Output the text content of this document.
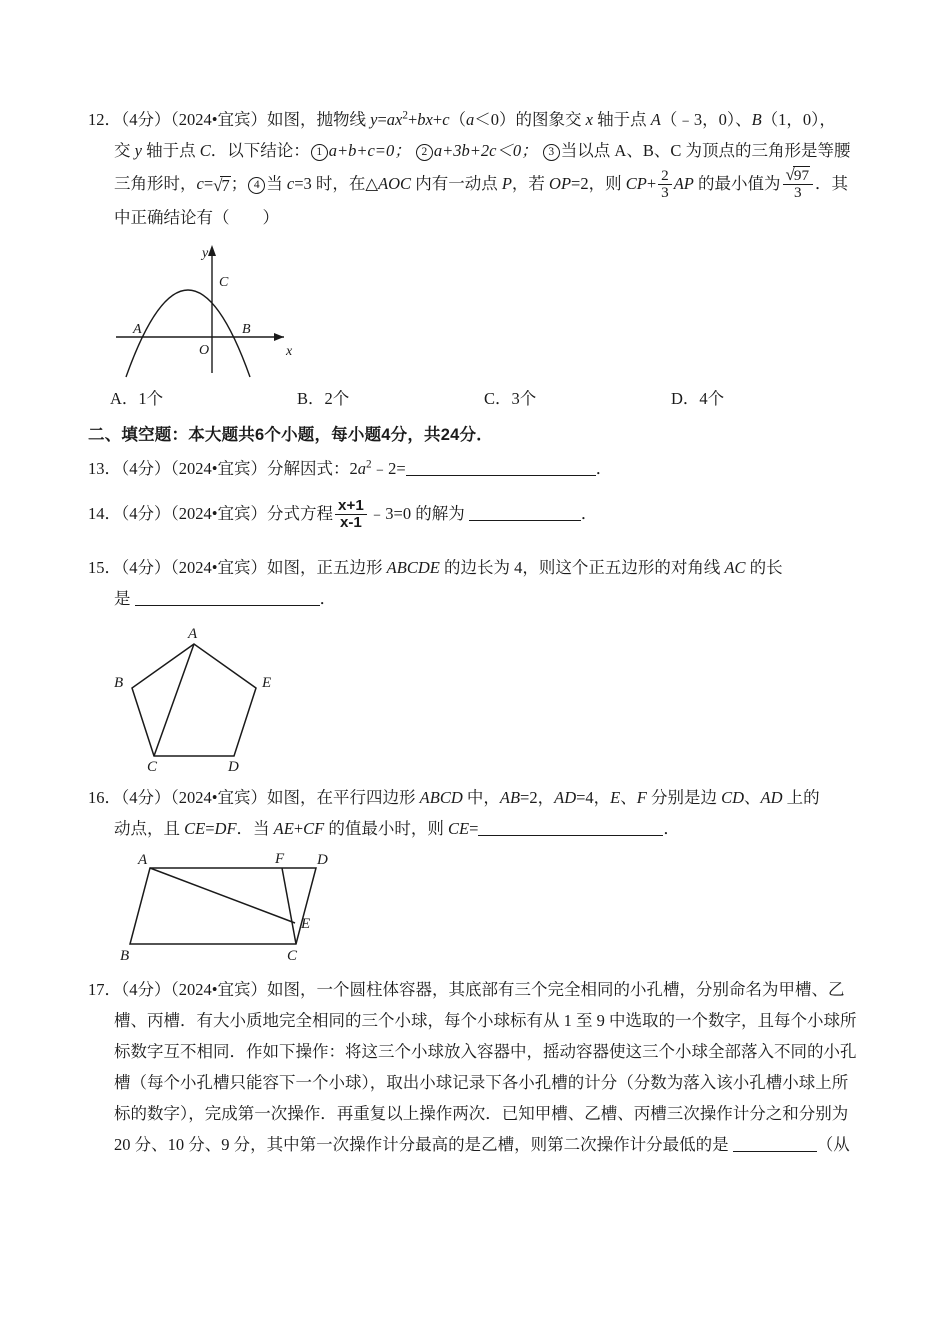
12．（4分）（2024•宜宾）如图，抛物线 $y=ax^2+bx+c(a<0)$的图象交 x 轴于点 A（﹣3，0）、B（1，0），
交 y 轴于点 C．以下结论： 1 a+b+c=0； 2 a+3b+2c＜0； 3 当以点 A、B、C 为顶点的三角形是等腰
三角形时，c=√7； 4 当 c=3 时，在△AOC 内有一动点 P，若 OP=2，则 $CP+ \frac{2}{3}$ AP 的最小值为 $\frac{√97}{3}$ ．其
中正确结论有（　　）
y
x
O
A	B
C
A．1个	B．2个	C．3个	D．4个
二、填空题：本大题共6个小题，每小题4分，共24分．
13．（4分）（2024•宜宾）分解因式：$2a^2﹣2=$	．
14．（4分）（2024•宜宾）分式方程 $\frac{x+1}{x-1}$ ﹣3=0 的解为	．
15．（4分）（2024•宜宾）如图，正五边形 ABCDE 的边长为 4，则这个正五边形的对角线 AC 的长
是	．
A
B	E
C	D
16．（4分）（2024•宜宾）如图，在平行四边形 ABCD 中，AB=2，AD=4，E、F 分别是边 CD、AD 上的
动点，且 CE=DF．当 AE+CF 的值最小时，则 CE=	．
A	F D
E
B	C
17．（4分）（2024•宜宾）如图，一个圆柱体容器，其底部有三个完全相同的小孔槽，分别命名为甲槽、乙
槽、丙槽．有大小质地完全相同的三个小球，每个小球标有从 1 至 9 中选取的一个数字，且每个小球所
标数字互不相同．作如下操作：将这三个小球放入容器中，摇动容器使这三个小球全部落入不同的小孔
槽（每个小孔槽只能容下一个小球），取出小球记录下各小孔槽的计分（分数为落入该小孔槽小球上所
标的数字），完成第一次操作．再重复以上操作两次．已知甲槽、乙槽、丙槽三次操作计分之和分别为
20 分、10 分、9 分，其中第一次操作计分最高的是乙槽，则第二次操作计分最低的是	（从
